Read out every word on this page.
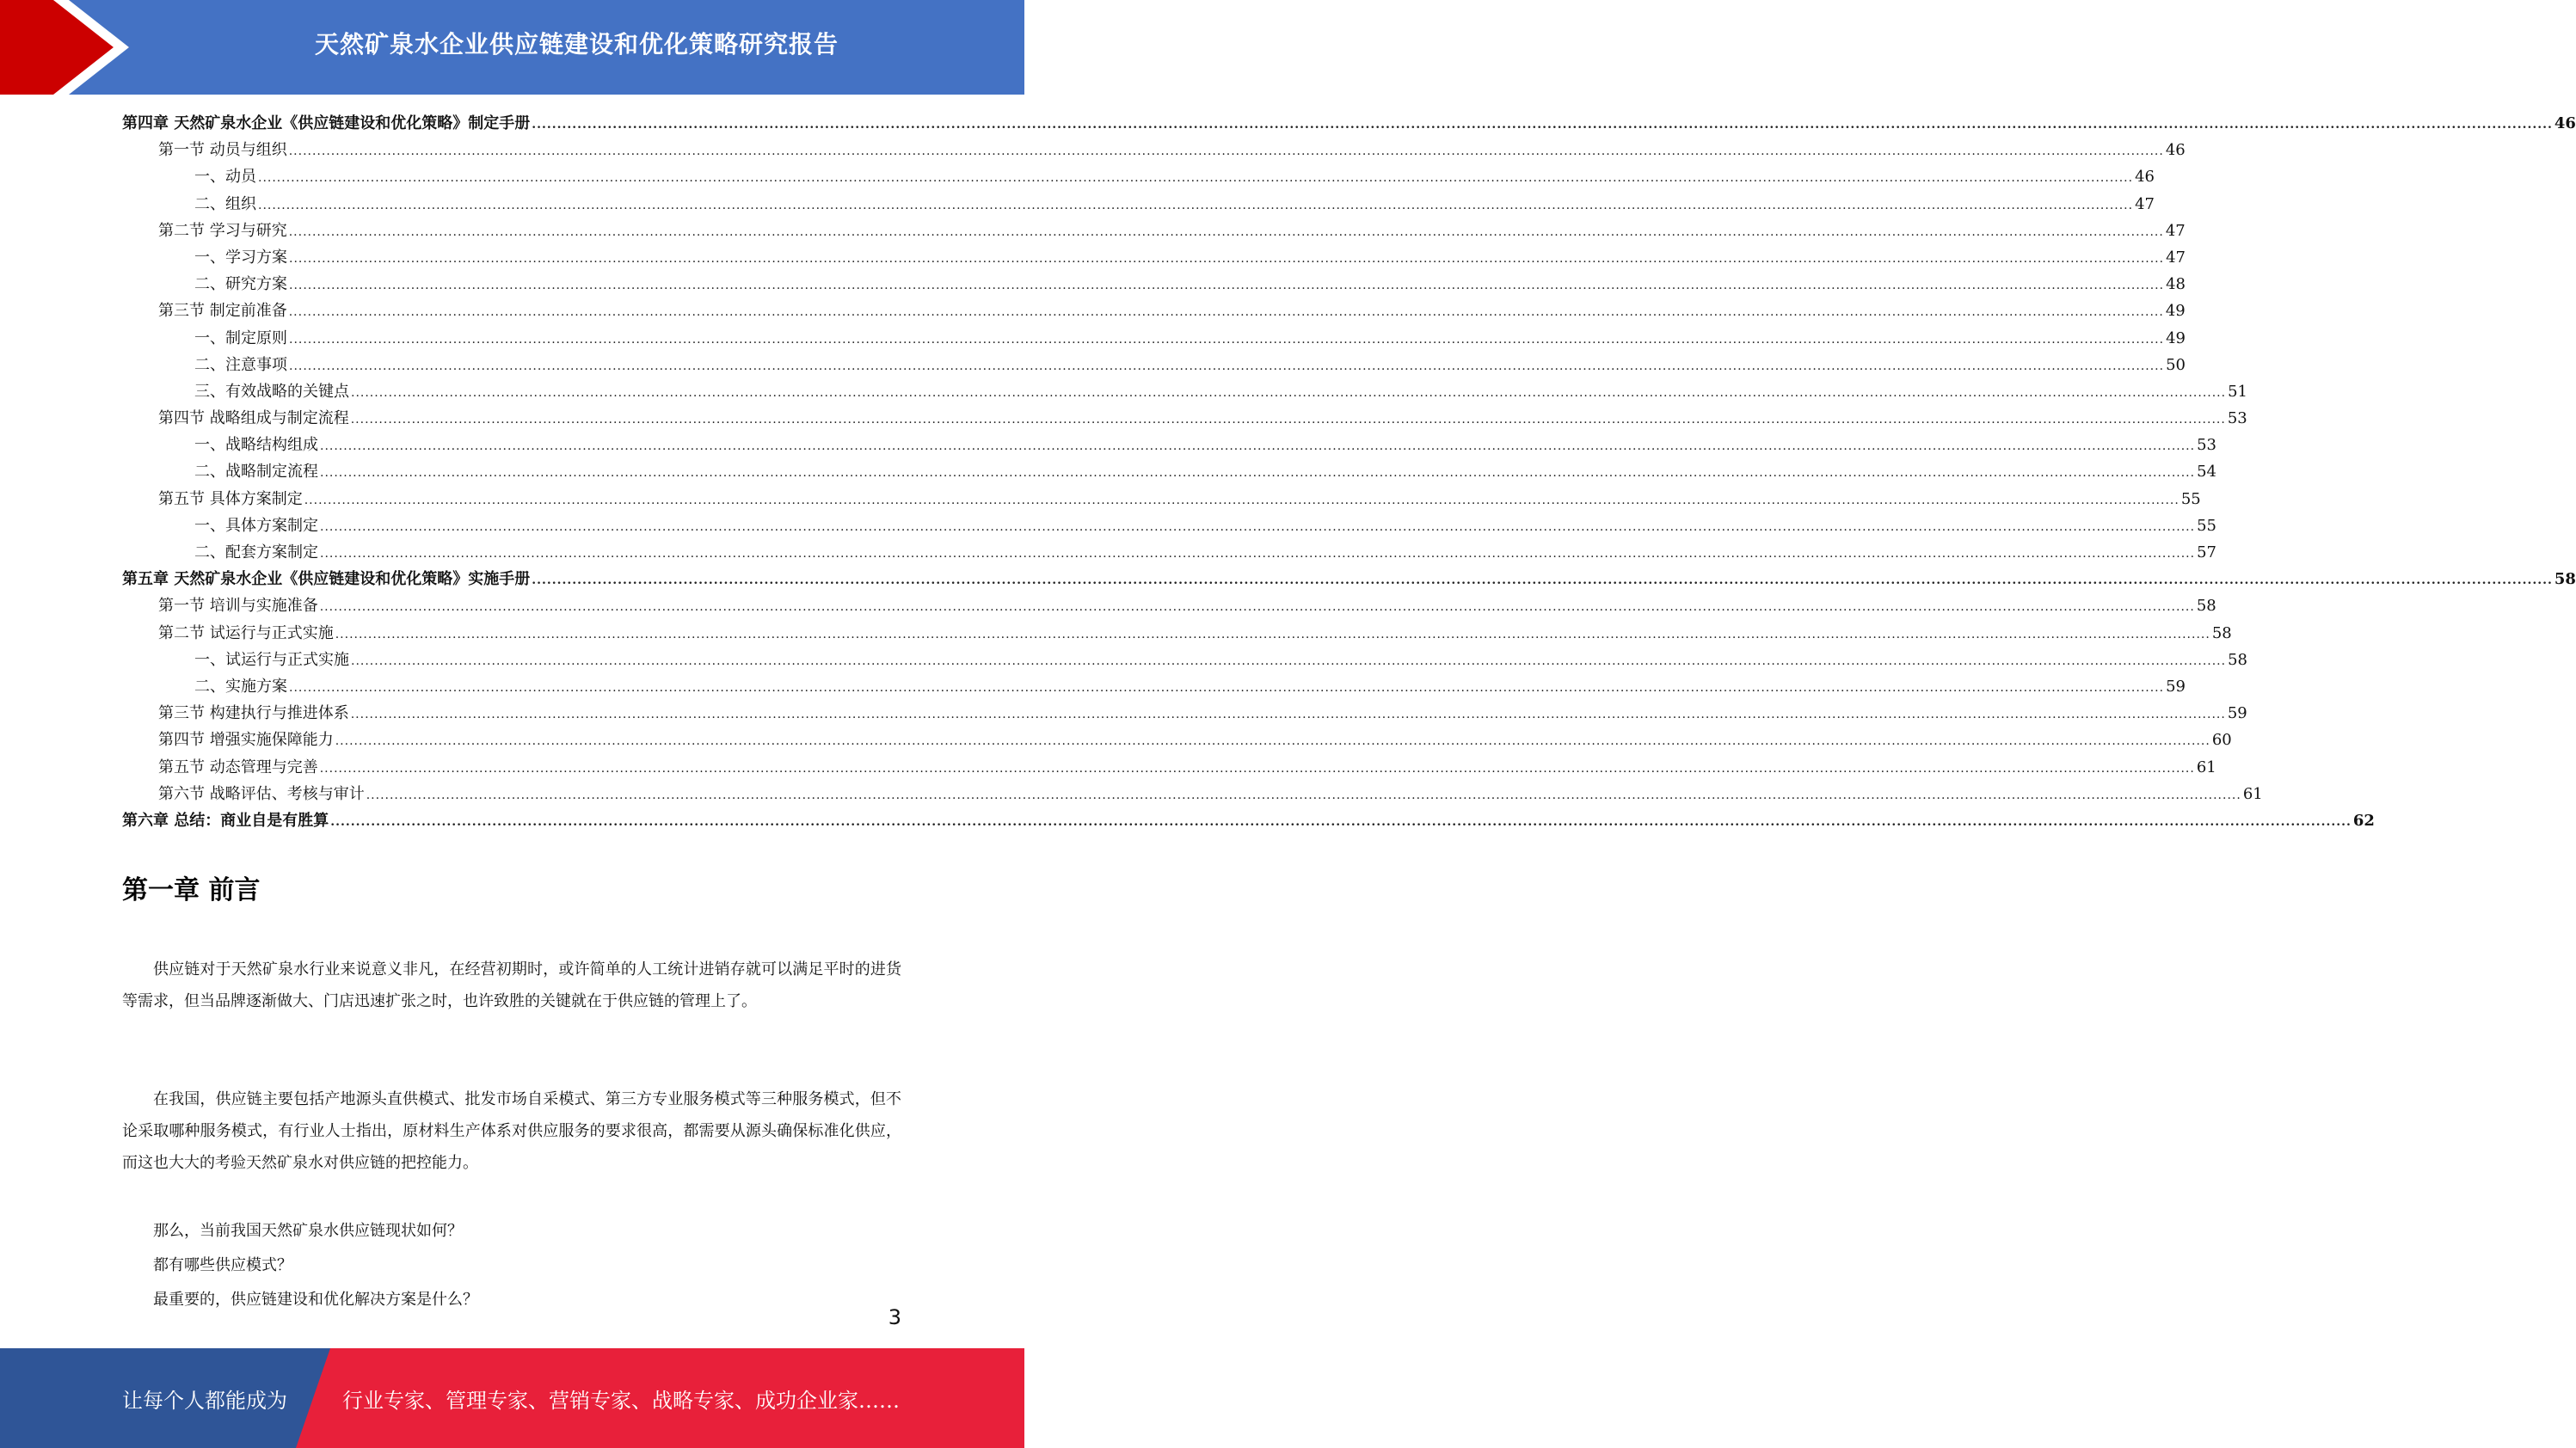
天然矿泉水企业供应链建设和优化策略研究报告
第四章 天然矿泉水企业《供应链建设和优化策略》制定手册 ................................................................................................................................................................................................................................................................................................................................................................................................................ 46
第一节 动员与组织 ................................................................................................................................................................................................................................................................................................................................................................................................................ 46
一、动员 ................................................................................................................................................................................................................................................................................................................................................................................................................ 46
二、组织 ................................................................................................................................................................................................................................................................................................................................................................................................................ 47
第二节 学习与研究 ................................................................................................................................................................................................................................................................................................................................................................................................................ 47
一、学习方案 ................................................................................................................................................................................................................................................................................................................................................................................................................ 47
二、研究方案 ................................................................................................................................................................................................................................................................................................................................................................................................................ 48
第三节 制定前准备 ................................................................................................................................................................................................................................................................................................................................................................................................................ 49
一、制定原则 ................................................................................................................................................................................................................................................................................................................................................................................................................ 49
二、注意事项 ................................................................................................................................................................................................................................................................................................................................................................................................................ 50
三、有效战略的关键点 ................................................................................................................................................................................................................................................................................................................................................................................................................ 51
第四节 战略组成与制定流程 ................................................................................................................................................................................................................................................................................................................................................................................................................ 53
一、战略结构组成 ................................................................................................................................................................................................................................................................................................................................................................................................................ 53
二、战略制定流程 ................................................................................................................................................................................................................................................................................................................................................................................................................ 54
第五节 具体方案制定 ................................................................................................................................................................................................................................................................................................................................................................................................................ 55
一、具体方案制定 ................................................................................................................................................................................................................................................................................................................................................................................................................ 55
二、配套方案制定 ................................................................................................................................................................................................................................................................................................................................................................................................................ 57
第五章 天然矿泉水企业《供应链建设和优化策略》实施手册 ................................................................................................................................................................................................................................................................................................................................................................................................................ 58
第一节 培训与实施准备 ................................................................................................................................................................................................................................................................................................................................................................................................................ 58
第二节 试运行与正式实施 ................................................................................................................................................................................................................................................................................................................................................................................................................ 58
一、试运行与正式实施 ................................................................................................................................................................................................................................................................................................................................................................................................................ 58
二、实施方案 ................................................................................................................................................................................................................................................................................................................................................................................................................ 59
第三节 构建执行与推进体系 ................................................................................................................................................................................................................................................................................................................................................................................................................ 59
第四节 增强实施保障能力 ................................................................................................................................................................................................................................................................................................................................................................................................................ 60
第五节 动态管理与完善 ................................................................................................................................................................................................................................................................................................................................................................................................................ 61
第六节 战略评估、考核与审计 ................................................................................................................................................................................................................................................................................................................................................................................................................ 61
第六章 总结：商业自是有胜算 ................................................................................................................................................................................................................................................................................................................................................................................................................ 62
第一章 前言

供应链对于天然矿泉水行业来说意义非凡，在经营初期时，或许简单的人工统计进销存就可以满足平时的进货等需求，但当品牌逐渐做大、门店迅速扩张之时，也许致胜的关键就在于供应链的管理上了。

在我国，供应链主要包括产地源头直供模式、批发市场自采模式、第三方专业服务模式等三种服务模式，但不论采取哪种服务模式，有行业人士指出，原材料生产体系对供应服务的要求很高，都需要从源头确保标准化供应，而这也大大的考验天然矿泉水对供应链的把控能力。

那么，当前我国天然矿泉水供应链现状如何？
都有哪些供应模式？
最重要的，供应链建设和优化解决方案是什么？
3
让每个人都能成为	行业专家、管理专家、营销专家、战略专家、成功企业家……
